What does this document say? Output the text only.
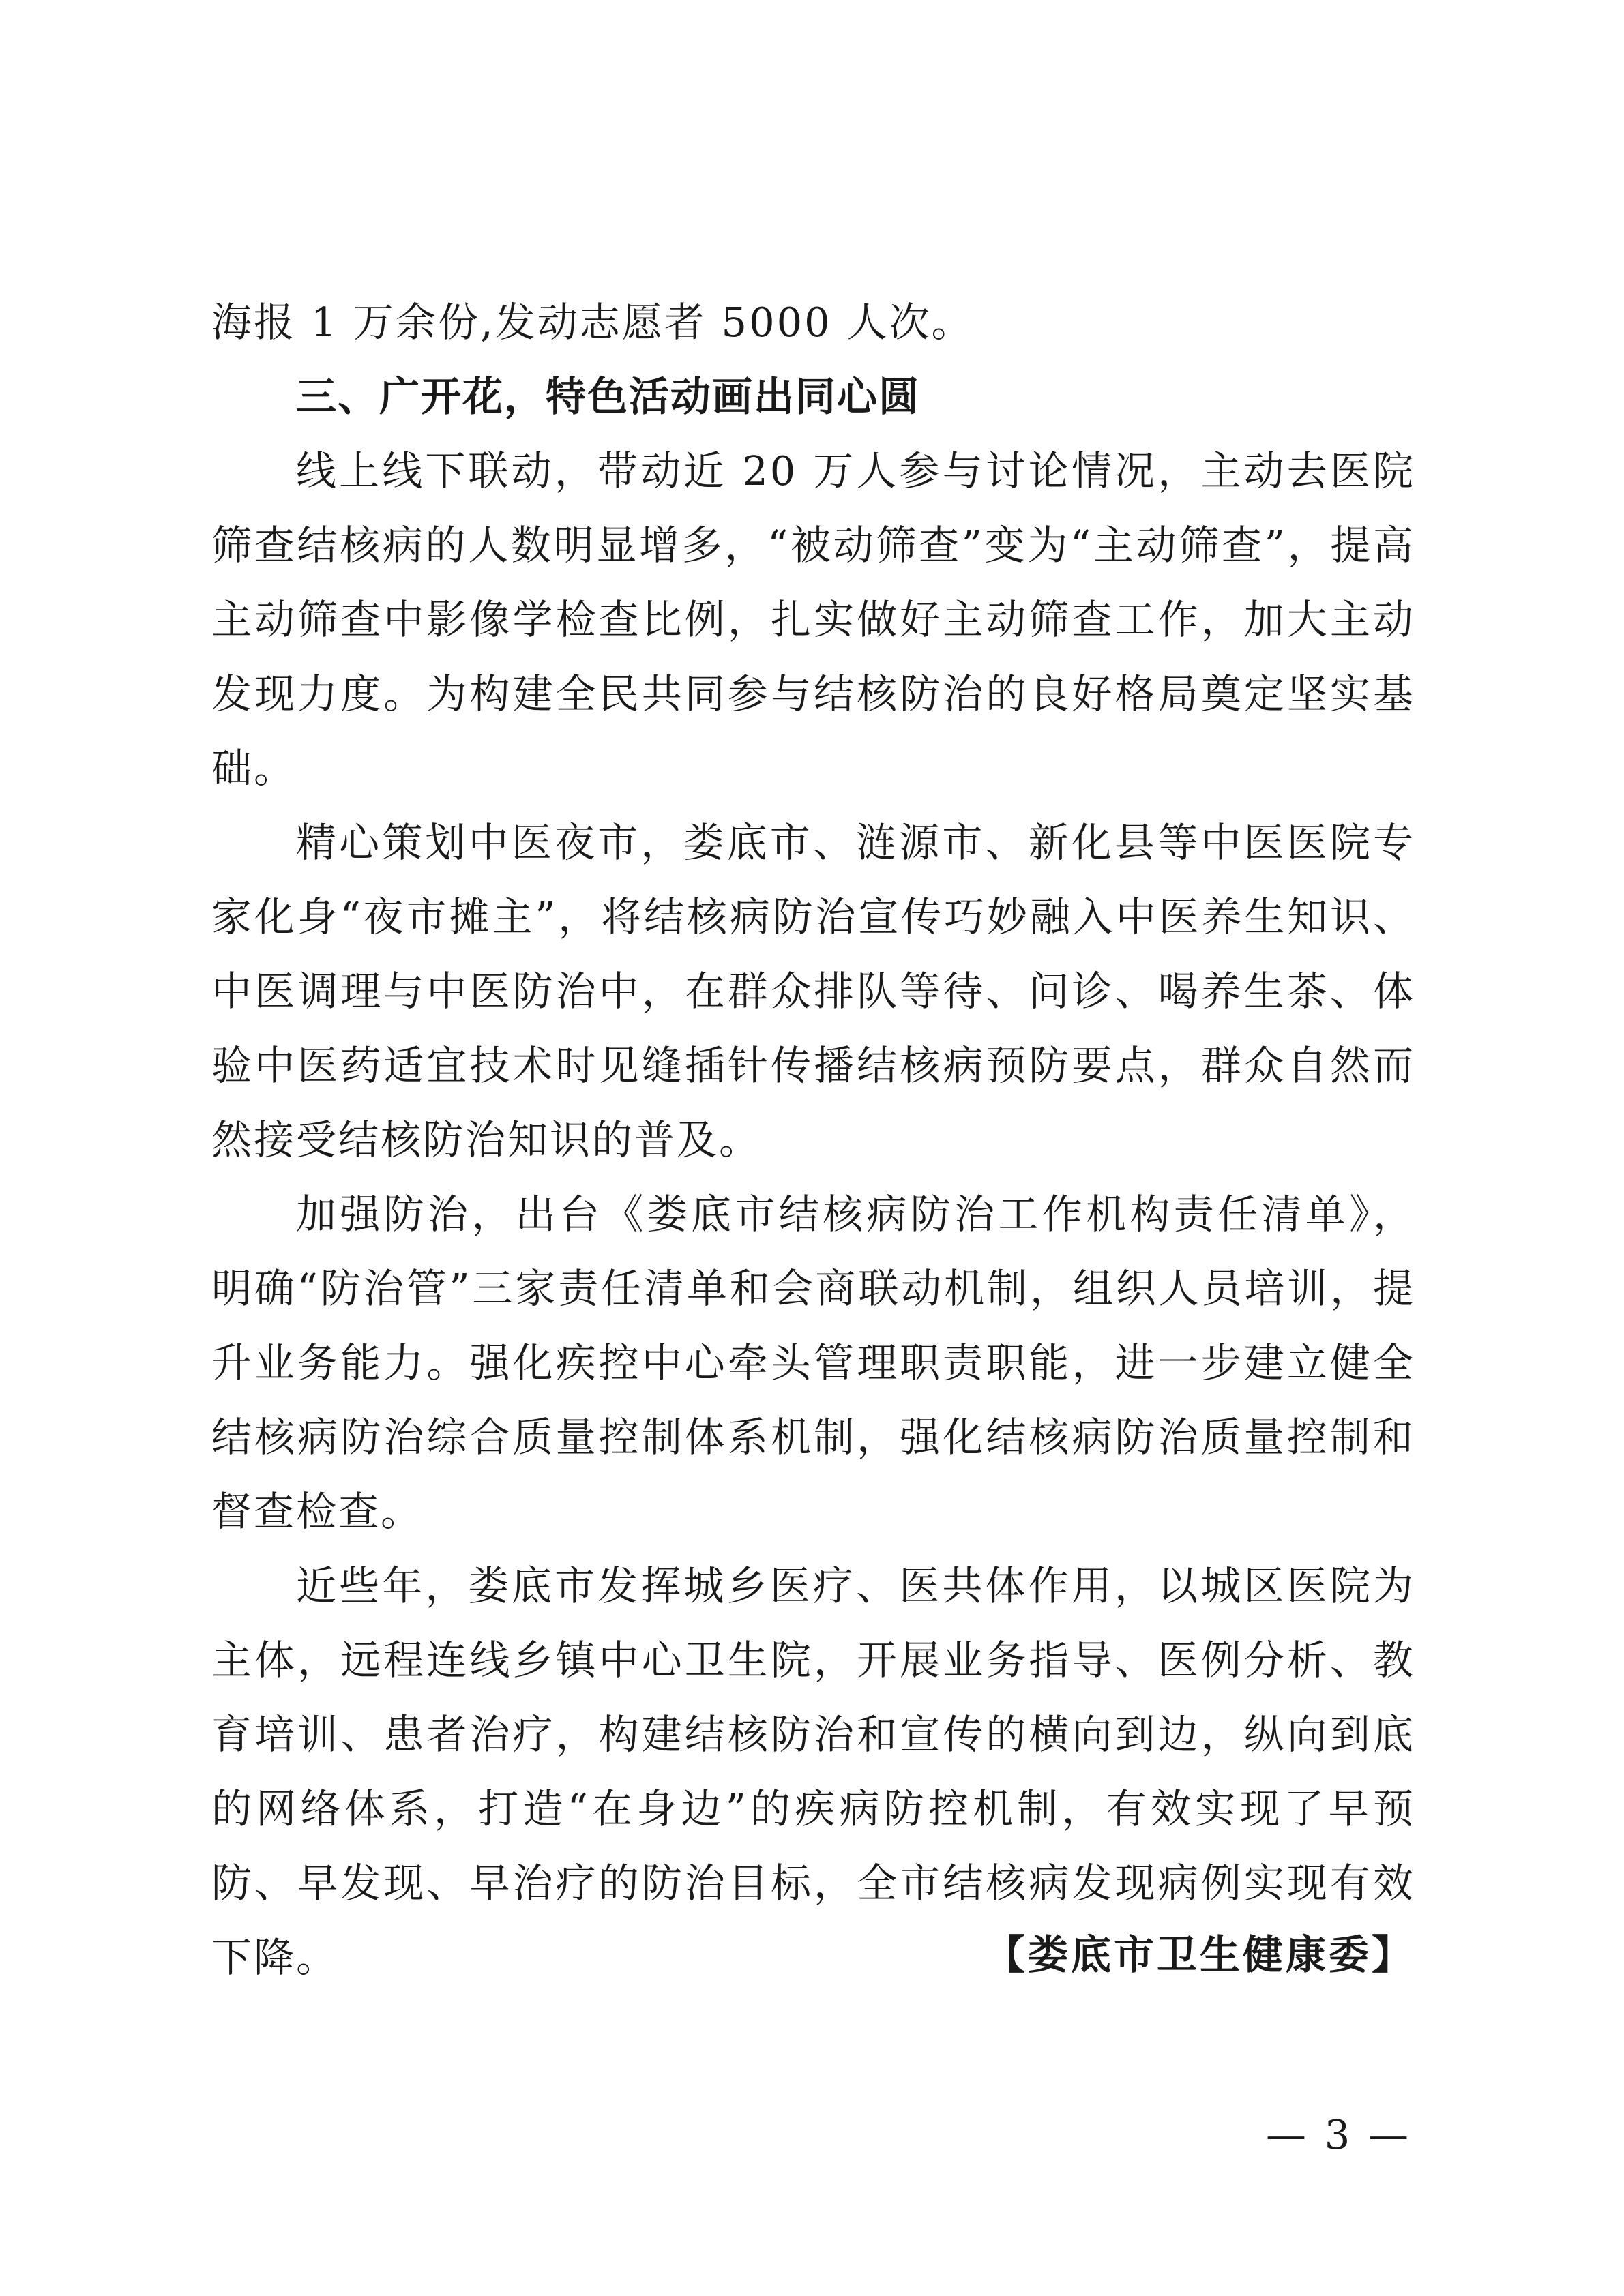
海报 1 万余份,发动志愿者 5000 人次。

三、广开花，特色活动画出同心圆

线上线下联动，带动近 20 万人参与讨论情况，主动去医院筛查结核病的人数明显增多，“被动筛查”变为“主动筛查”，提高主动筛查中影像学检查比例，扎实做好主动筛查工作，加大主动发现力度。为构建全民共同参与结核防治的良好格局奠定坚实基础。

精心策划中医夜市，娄底市、涟源市、新化县等中医医院专家化身“夜市摊主”，将结核病防治宣传巧妙融入中医养生知识、中医调理与中医防治中，在群众排队等待、问诊、喝养生茶、体验中医药适宜技术时见缝插针传播结核病预防要点，群众自然而然接受结核防治知识的普及。

加强防治，出台《娄底市结核病防治工作机构责任清单》，明确“防治管”三家责任清单和会商联动机制，组织人员培训，提升业务能力。强化疾控中心牵头管理职责职能，进一步建立健全结核病防治综合质量控制体系机制，强化结核病防治质量控制和督查检查。

近些年，娄底市发挥城乡医疗、医共体作用，以城区医院为主体，远程连线乡镇中心卫生院，开展业务指导、医例分析、教育培训、患者治疗，构建结核防治和宣传的横向到边，纵向到底的网络体系，打造“在身边”的疾病防控机制，有效实现了早预防、早发现、早治疗的防治目标，全市结核病发现病例实现有效下降。	【娄底市卫生健康委】
— 3 —
